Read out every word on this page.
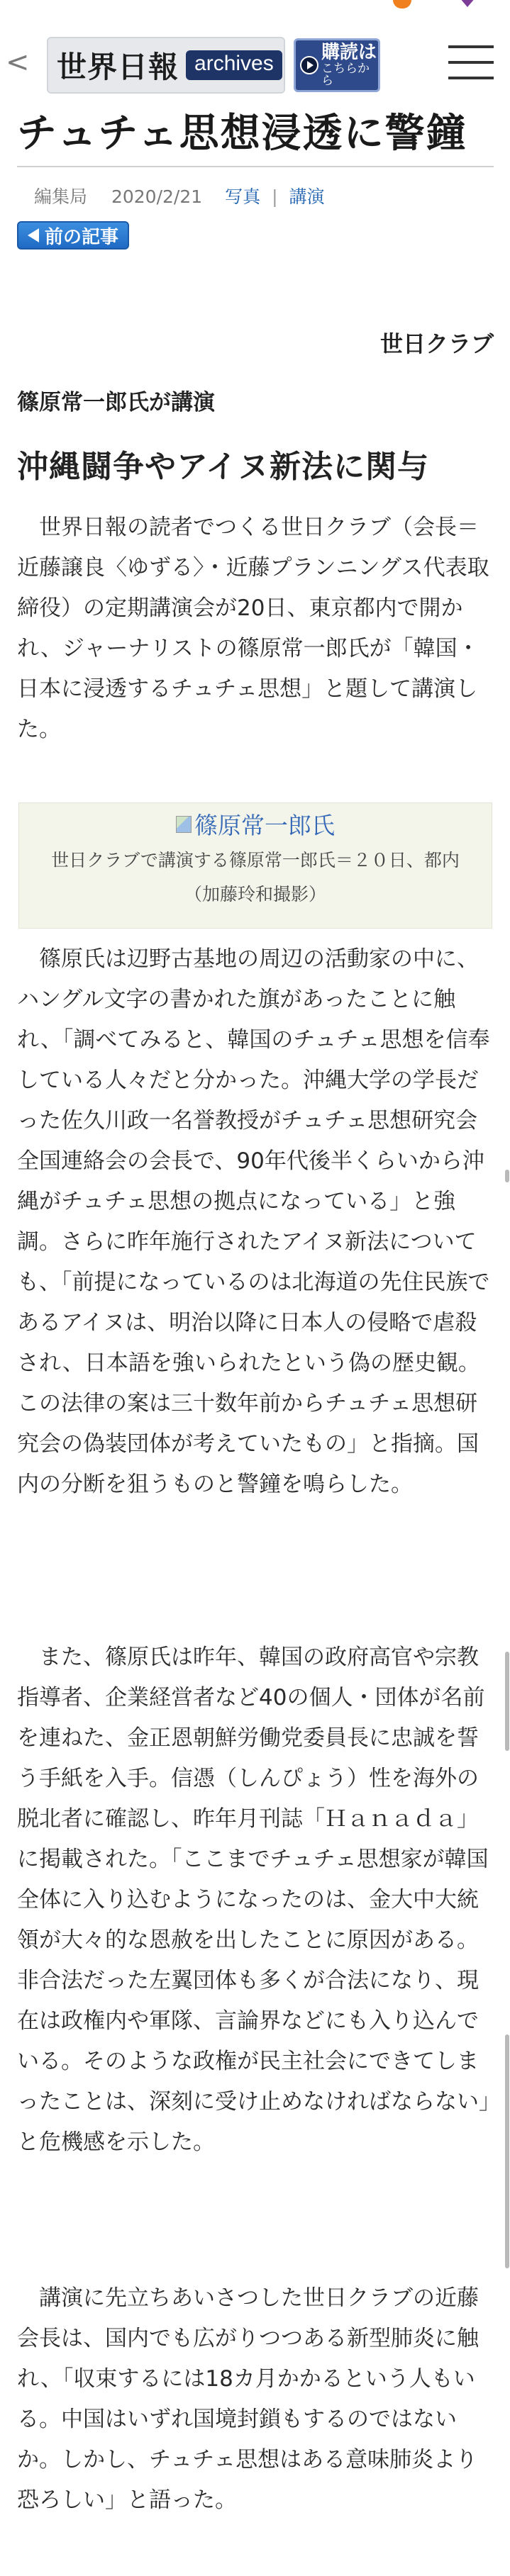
< 世界日報 archives	購読は
こちらから
チュチェ思想浸透に警鐘
編集局 2020/2/21 写真 | 講演
前の記事
世日クラブ
篠原常一郎氏が講演
沖縄闘争やアイヌ新法に関与

世界日報の読者でつくる世日クラブ（会長＝近藤譲良〈ゆずる〉・近藤プランニングス代表取締役）の定期講演会が20日、東京都内で開かれ、ジャーナリストの篠原常一郎氏が「韓国・日本に浸透するチュチェ思想」と題して講演した。

篠原常一郎氏
世日クラブで講演する篠原常一郎氏＝２０日、都内
（加藤玲和撮影）

篠原氏は辺野古基地の周辺の活動家の中に、ハングル文字の書かれた旗があったことに触れ、「調べてみると、韓国のチュチェ思想を信奉している人々だと分かった。沖縄大学の学長だった佐久川政一名誉教授がチュチェ思想研究会全国連絡会の会長で、90年代後半くらいから沖縄がチュチェ思想の拠点になっている」と強調。さらに昨年施行されたアイヌ新法についても、「前提になっているのは北海道の先住民族であるアイヌは、明治以降に日本人の侵略で虐殺され、日本語を強いられたという偽の歴史観。この法律の案は三十数年前からチュチェ思想研究会の偽装団体が考えていたもの」と指摘。国内の分断を狙うものと警鐘を鳴らした。

また、篠原氏は昨年、韓国の政府高官や宗教指導者、企業経営者など40の個人・団体が名前を連ねた、金正恩朝鮮労働党委員長に忠誠を誓う手紙を入手。信憑（しんぴょう）性を海外の脱北者に確認し、昨年月刊誌「Ｈａｎａｄａ」に掲載された。「ここまでチュチェ思想家が韓国全体に入り込むようになったのは、金大中大統領が大々的な恩赦を出したことに原因がある。非合法だった左翼団体も多くが合法になり、現在は政権内や軍隊、言論界などにも入り込んでいる。そのような政権が民主社会にできてしまったことは、深刻に受け止めなければならない」と危機感を示した。

講演に先立ちあいさつした世日クラブの近藤会長は、国内でも広がりつつある新型肺炎に触れ、「収束するには18カ月かかるという人もいる。中国はいずれ国境封鎖もするのではないか。しかし、チュチェ思想はある意味肺炎より恐ろしい」と語った。
